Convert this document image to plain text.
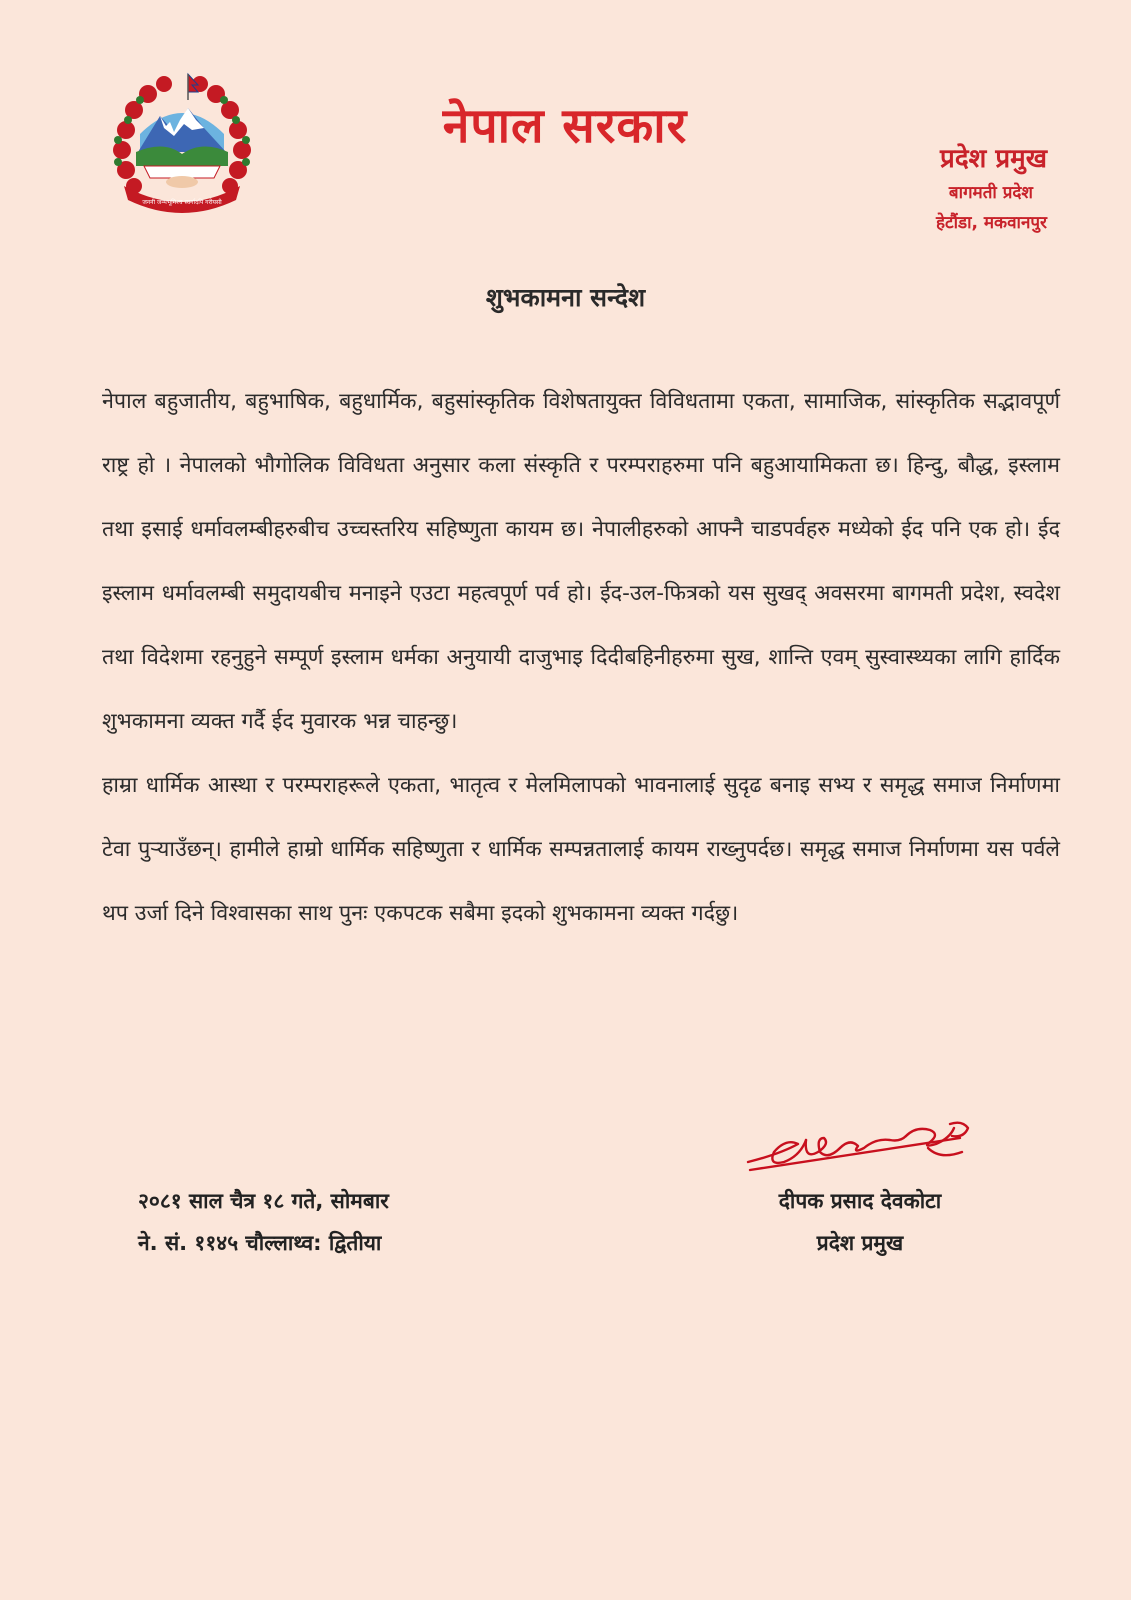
जननी जन्मभूमिश्च स्वर्गादपि गरीयसी
नेपाल सरकार
प्रदेश प्रमुख
बागमती प्रदेश
हेटौंडा, मकवानपुर
शुभकामना सन्देश

नेपाल बहुजातीय, बहुभाषिक, बहुधार्मिक, बहुसांस्कृतिक विशेषतायुक्त विविधतामा एकता, सामाजिक, सांस्कृतिक सद्भावपूर्ण राष्ट्र हो । नेपालको भौगोलिक विविधता अनुसार कला संस्कृति र परम्पराहरुमा पनि बहुआयामिकता छ। हिन्दु, बौद्ध, इस्लाम तथा इसाई धर्मावलम्बीहरुबीच उच्चस्तरिय सहिष्णुता कायम छ। नेपालीहरुको आफ्नै चाडपर्वहरु मध्येको ईद पनि एक हो। ईद इस्लाम धर्मावलम्बी समुदायबीच मनाइने एउटा महत्वपूर्ण पर्व हो। ईद-उल-फित्रको यस सुखद् अवसरमा बागमती प्रदेश, स्वदेश तथा विदेशमा रहनुहुने सम्पूर्ण इस्लाम धर्मका अनुयायी दाजुभाइ दिदीबहिनीहरुमा सुख, शान्ति एवम् सुस्वास्थ्यका लागि हार्दिक शुभकामना व्यक्त गर्दै ईद मुवारक भन्न चाहन्छु।

हाम्रा धार्मिक आस्था र परम्पराहरूले एकता, भातृत्व र मेलमिलापको भावनालाई सुदृढ बनाइ सभ्य र समृद्ध समाज निर्माणमा टेवा पुऱ्याउँछन्। हामीले हाम्रो धार्मिक सहिष्णुता र धार्मिक सम्पन्नतालाई कायम राख्नुपर्दछ। समृद्ध समाज निर्माणमा यस पर्वले थप उर्जा दिने विश्वासका साथ पुनः एकपटक सबैमा इदको शुभकामना व्यक्त गर्दछु।

२०८१ साल चैत्र १८ गते, सोमबार
ने. सं. ११४५ चौल्लाथ्व: द्वितीया
दीपक प्रसाद देवकोटा
प्रदेश प्रमुख
